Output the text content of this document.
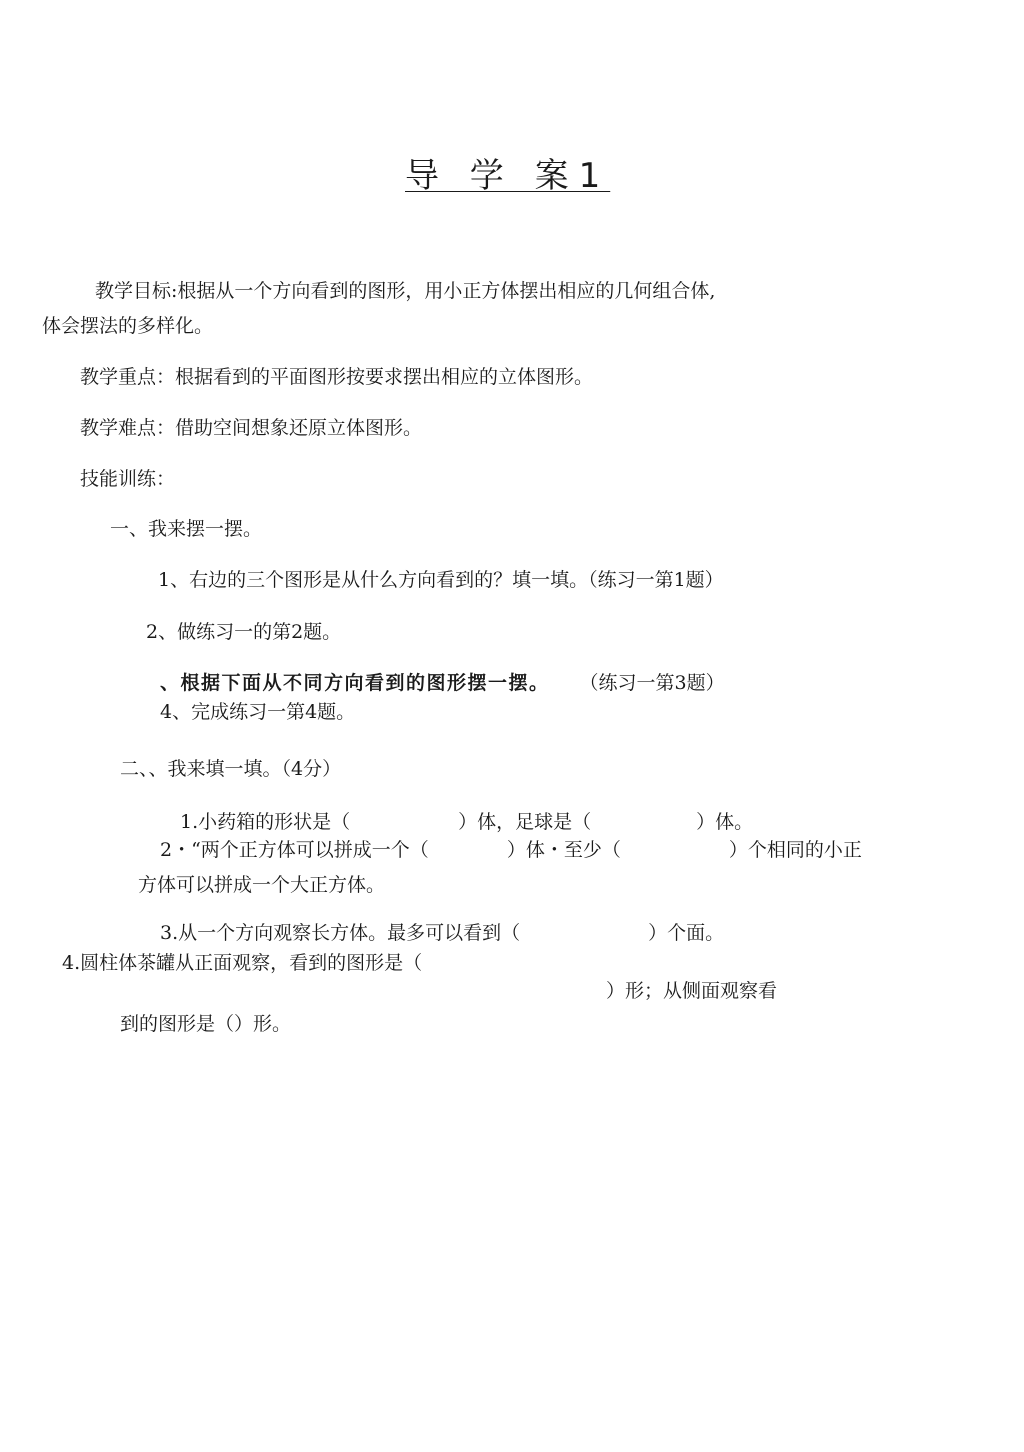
导 学 案1
教学目标:根据从一个方向看到的图形，用小正方体摆出相应的几何组合体,
体会摆法的多样化。
教学重点：根据看到的平面图形按要求摆出相应的立体图形。
教学难点：借助空间想象还原立体图形。
技能训练：
一、我来摆一摆。
1、右边的三个图形是从什么方向看到的？填一填。（练习一第1题）
2、做练习一的第2题。
、根据下面从不同方向看到的图形摆一摆。 （练习一第3题）
4、完成练习一第4题。
二、、我来填一填。（4分）
1.小药箱的形状是（	）体，足球是（	）体。
2・“两个正方体可以拼成一个（	）体・至少（	）个相同的小正
方体可以拼成一个大正方体。
3.从一个方向观察长方体。最多可以看到（	）个面。
4.圆柱体茶罐从正面观察，看到的图形是（
）形；从侧面观察看
到的图形是（）形。
